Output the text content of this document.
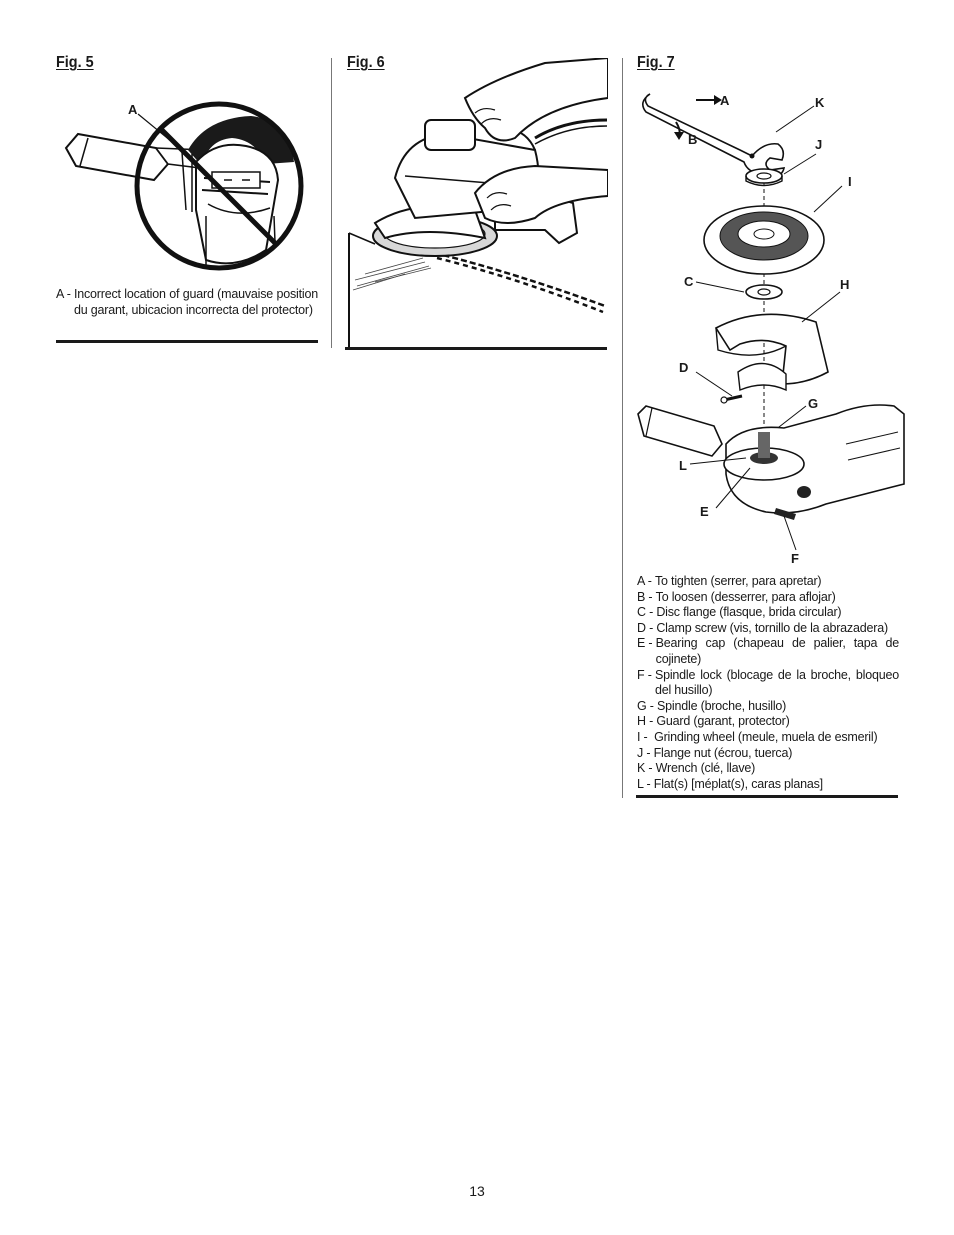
Fig. 5	Fig. 6	Fig. 7
A
A - Incorrect location of guard (mauvaise position du garant, ubicacion incorrecta del protector)
A
B
K
J
I
C	H
D
G
L
E
F
A - To tighten (serrer, para apretar)
B - To loosen (desserrer, para aflojar)
C - Disc flange (flasque, brida circular)
D - Clamp screw (vis, tornillo de la abrazadera)
E - Bearing cap (chapeau de palier, tapa de cojinete)
F - Spindle lock (blocage de la broche, bloqueo del husillo)
G - Spindle (broche, husillo)
H - Guard (garant, protector)
I - Grinding wheel (meule, muela de esmeril)
J - Flange nut (écrou, tuerca)
K - Wrench (clé, llave)
L - Flat(s) [méplat(s), caras planas]
13
